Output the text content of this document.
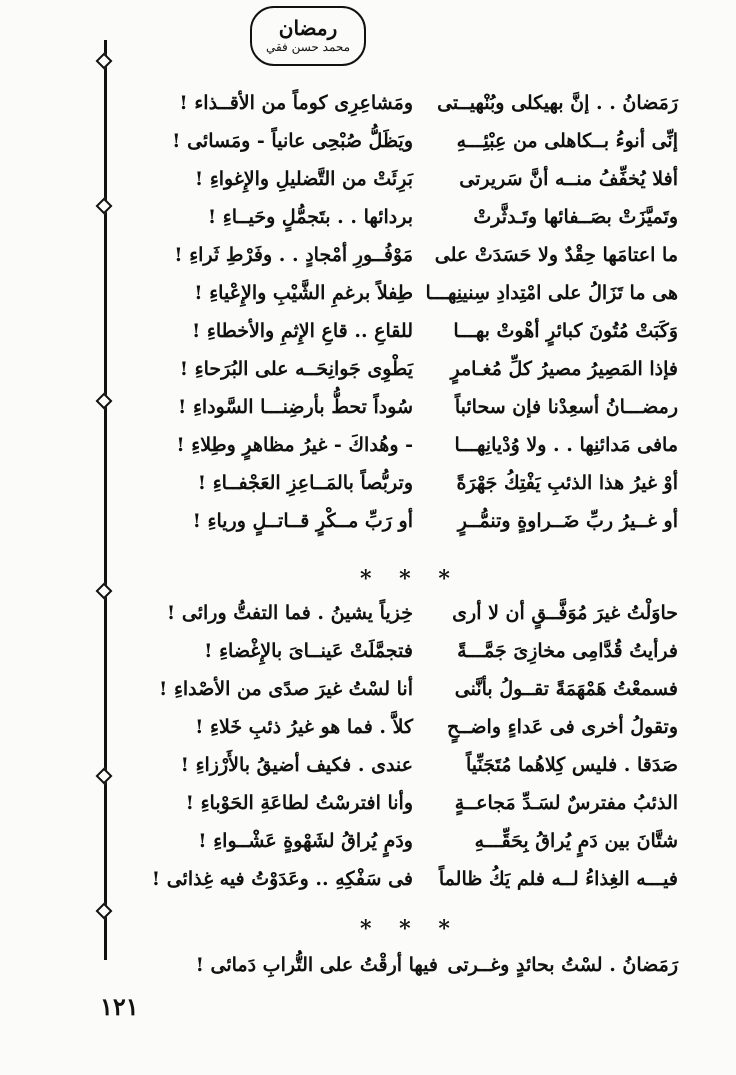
رمضان
محمد حسن فقي
رَمَضانُ . . إنَّ بهيكلى وبُنْهيــتى
ومَشاعِرِى كوماً من الأقــذاء !
إنِّى أنوءُ بــكاهلى من عِبْئِـــهِ
ويَظَلُّ صُبْحِى عانياً - ومَسائى !
أفلا يُخفِّفُ منــه أنَّ سَريرتى
بَرِئَتْ من التَّضليلِ والإِغواءِ !
وتَميَّزَتْ بصَــفائها وتَـدثَّرتْ
بردائها . . بتَجمُّلٍ وحَيــاءِ !
ما اعتامَها حِقْدٌ ولا حَسَدَتْ على
مَوْفُــورِ أمْجادٍ . . وفَرْطِ ثَراءِ !
هى ما تَزَالُ على امْتِدادِ سِنينِهـــا
طِفلاً برغمِ الشَّيْبِ والإِعْياءِ !
وَكَبَتْ مُتُونَ كبائرٍ أهْوتْ بهـــا
للقاعِ .. قاعِ الإِثمِ والأخطاءِ !
فإذا المَصِيرُ مصيرُ كلِّ مُغـامرٍ
يَطْوِى جَوانِحَــه على البُرَحاءِ !
رمضـــانُ أسعِدْنا فإن سحائباً
سُوداً تحطُّ بأرضِنـــا السَّوداءِ !
مافى مَدائنِها . . ولا وُدْيانِهـــا
- وهُداكَ - غيرُ مظاهرٍ وطِلاءِ !
أوْ غيرُ هذا الذئبِ يَفْتِكُ جَهْرَةً
وتربُّصاً بالمَــاعِزِ العَجْفــاءِ !
أو غــيرُ ربِّ ضَــراوةٍ وتنمُّــرٍ
أو رَبِّ مــكْرٍ قــاتــلٍ ورياءِ !
* * *
حاوَلْتُ غيرَ مُوَفَّــقٍ أن لا أرى
خِزياً يشينُ . فما التفتُّ ورائى !
فرأيتُ قُدَّامِى مخازِىَ جَمَّـــةً
فتجمَّلَتْ عَينــاىَ بالإِغْضاءِ !
فسمعْتُ هَمْهَمَةً تقــولُ بأنَّنى
أنا لسْتُ غيرَ صدًى من الأصْداءِ !
وتقولُ أخرى فى عَداءٍ واضــحٍ
كلاَّ . فما هو غيرُ ذئبِ خَلاءِ !
صَدَقا . فليس كِلاهُما مُتَجَنِّياً
عندى . فكيف أضيقُ بالأَرْزاءِ !
الذئبُ مفترسٌ لسَـدِّ مَجاعــةٍ
وأنا افترسْتُ لطاعَةِ الحَوْباءِ !
شتَّانَ بين دَمٍ يُراقُ بِحَقِّـــهِ
ودَمٍ يُراقُ لشَهْوةٍ عَشْــواءِ !
فيـــه الغِذاءُ لــه فلم يَكُ ظالماً
فى سَفْكِهِ .. وعَدَوْتُ فيه غِذائى !
* * *
رَمَضانُ . لسْتُ بحائدٍ وغــرتى
فيها أرقْتُ على التُّرابِ دَمائى !
١٢١
